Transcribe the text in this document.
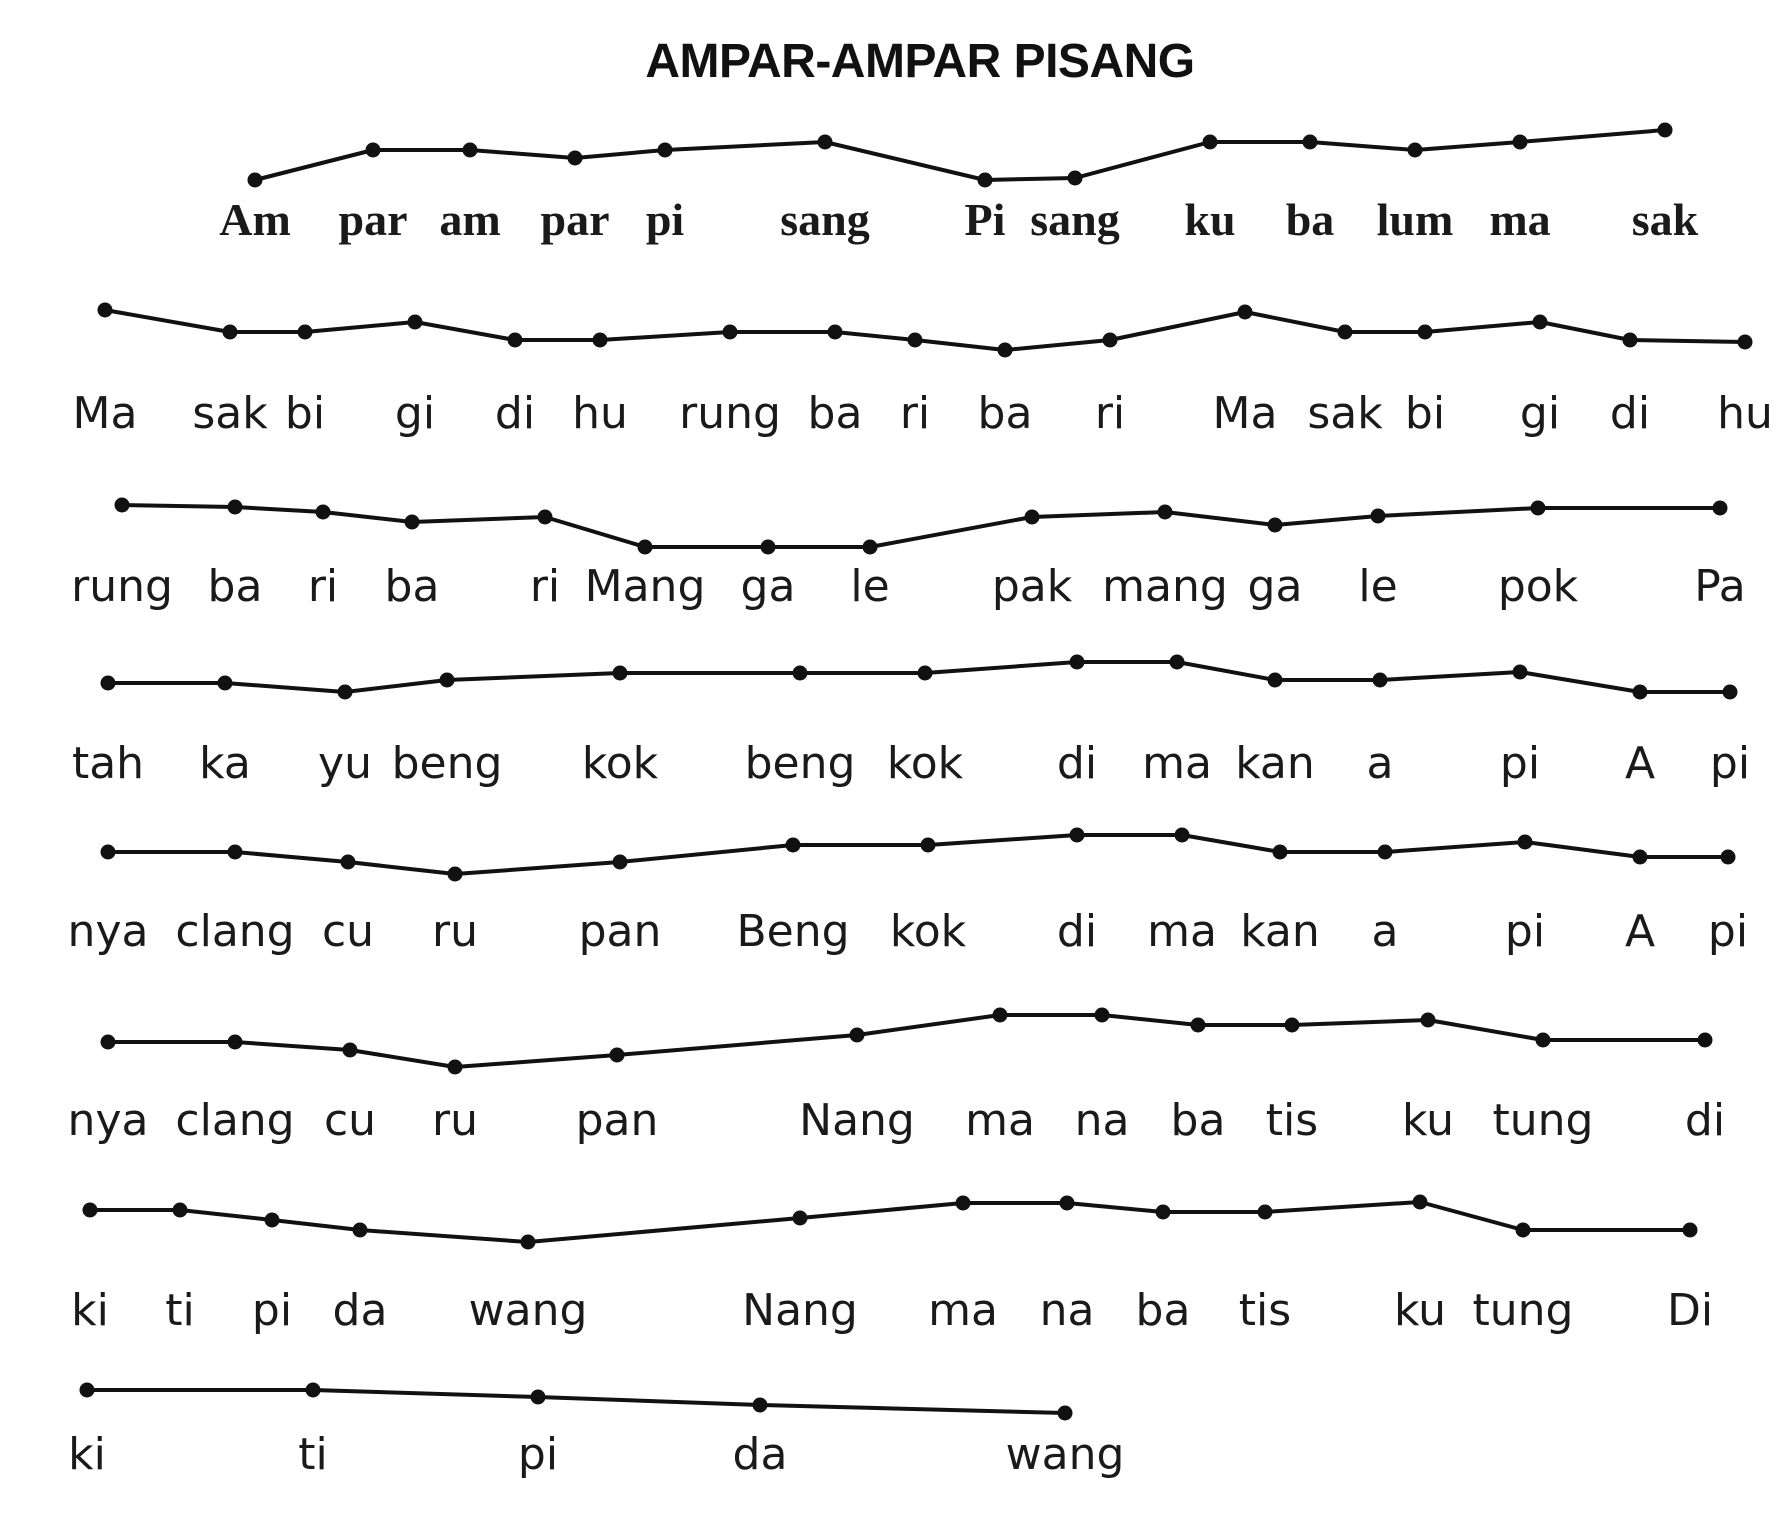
AMPAR-AMPAR PISANG
Am par am par pi sang Pi sang ku ba lum ma sak
Ma sak bi gi di hu rung ba ri ba ri Ma sak bi gi di hu
rung ba ri ba ri Mang ga le pak mang ga le pok	Pa
tah ka yu beng kok beng kok di ma kan a pi A pi
nya clang cu ru pan Beng kok di ma kan a pi A pi
nya clang cu ru pan	Nang ma na ba tis ku tung di
ki ti pi da wang	Nang ma na ba tis ku tung Di
ki	ti	pi	da	wang
